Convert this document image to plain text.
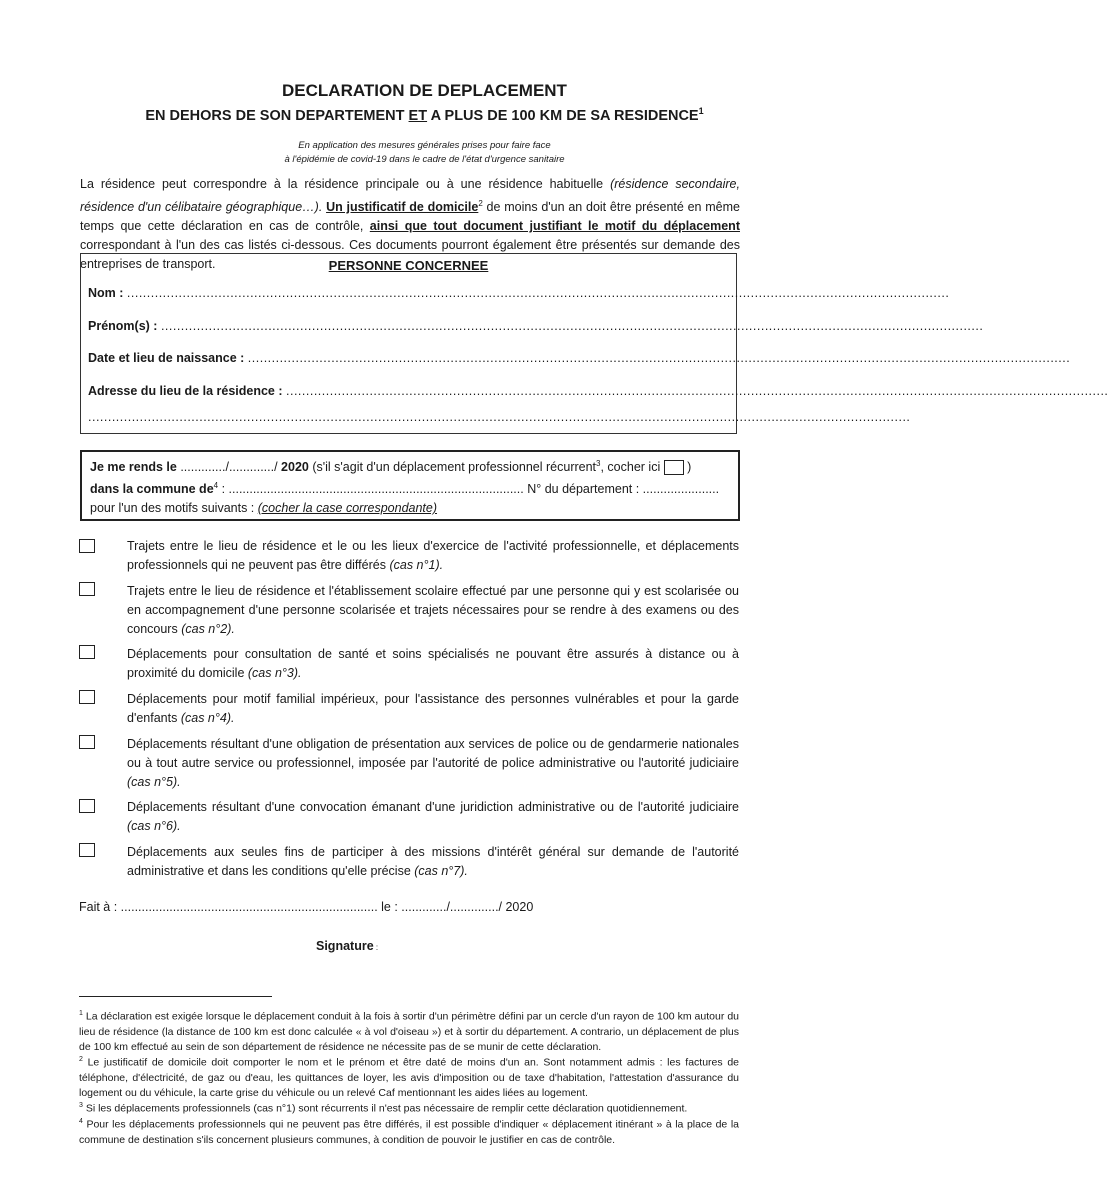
DECLARATION DE DEPLACEMENT
EN DEHORS DE SON DEPARTEMENT ET A PLUS DE 100 KM DE SA RESIDENCE$^1$
En application des mesures générales prises pour faire face
à l'épidémie de covid-19 dans le cadre de l'état d'urgence sanitaire
La résidence peut correspondre à la résidence principale ou à une résidence habituelle (résidence secondaire, résidence d'un célibataire géographique…). Un justificatif de domicile$^2$ de moins d'un an doit être présenté en même temps que cette déclaration en cas de contrôle, ainsi que tout document justifiant le motif du déplacement correspondant à l'un des cas listés ci-dessous. Ces documents pourront également être présentés sur demande des entreprises de transport.	PERSONNE CONCERNEE
Nom : ...............................................................................................................................................................................................................
Prénom(s) : ...............................................................................................................................................................................................................
Date et lieu de naissance : ...............................................................................................................................................................................................................
Adresse du lieu de la résidence : ...............................................................................................................................................................................................................
...............................................................................................................................................................................................................
Je me rends le ............./............./ 2020 (s'il s'agit d'un déplacement professionnel récurrent$^3$, cocher ici  )
dans la commune $de^4$ : ..................................................................................... N° du département : ......................
pour l'un des motifs suivants : (cocher la case correspondante)
Trajets entre le lieu de résidence et le ou les lieux d'exercice de l'activité professionnelle, et déplacements professionnels qui ne peuvent pas être différés (cas n°1).
Trajets entre le lieu de résidence et l'établissement scolaire effectué par une personne qui y est scolarisée ou en accompagnement d'une personne scolarisée et trajets nécessaires pour se rendre à des examens ou des concours (cas n°2).
Déplacements pour consultation de santé et soins spécialisés ne pouvant être assurés à distance ou à proximité du domicile (cas n°3).
Déplacements pour motif familial impérieux, pour l'assistance des personnes vulnérables et pour la garde d'enfants (cas n°4).
Déplacements résultant d'une obligation de présentation aux services de police ou de gendarmerie nationales ou à tout autre service ou professionnel, imposée par l'autorité de police administrative ou l'autorité judiciaire (cas n°5).
Déplacements résultant d'une convocation émanant d'une juridiction administrative ou de l'autorité judiciaire (cas n°6).
Déplacements aux seules fins de participer à des missions d'intérêt général sur demande de l'autorité administrative et dans les conditions qu'elle précise (cas n°7).
Fait à : .......................................................................... le : ............./............../ 2020
Signature :
$^1$ La déclaration est exigée lorsque le déplacement conduit à la fois à sortir d'un périmètre défini par un cercle d'un rayon de 100 km autour du lieu de résidence (la distance de 100 km est donc calculée « à vol d'oiseau ») et à sortir du département. A contrario, un déplacement de plus de 100 km effectué au sein de son département de résidence ne nécessite pas de se munir de cette déclaration.
$^2$ Le justificatif de domicile doit comporter le nom et le prénom et être daté de moins d'un an. Sont notamment admis : les factures de téléphone, d'électricité, de gaz ou d'eau, les quittances de loyer, les avis d'imposition ou de taxe d'habitation, l'attestation d'assurance du logement ou du véhicule, la carte grise du véhicule ou un relevé Caf mentionnant les aides liées au logement.
$^3$ Si les déplacements professionnels (cas n°1) sont récurrents il n'est pas nécessaire de remplir cette déclaration quotidiennement.
$^4$ Pour les déplacements professionnels qui ne peuvent pas être différés, il est possible d'indiquer « déplacement itinérant » à la place de la commune de destination s'ils concernent plusieurs communes, à condition de pouvoir le justifier en cas de contrôle.
